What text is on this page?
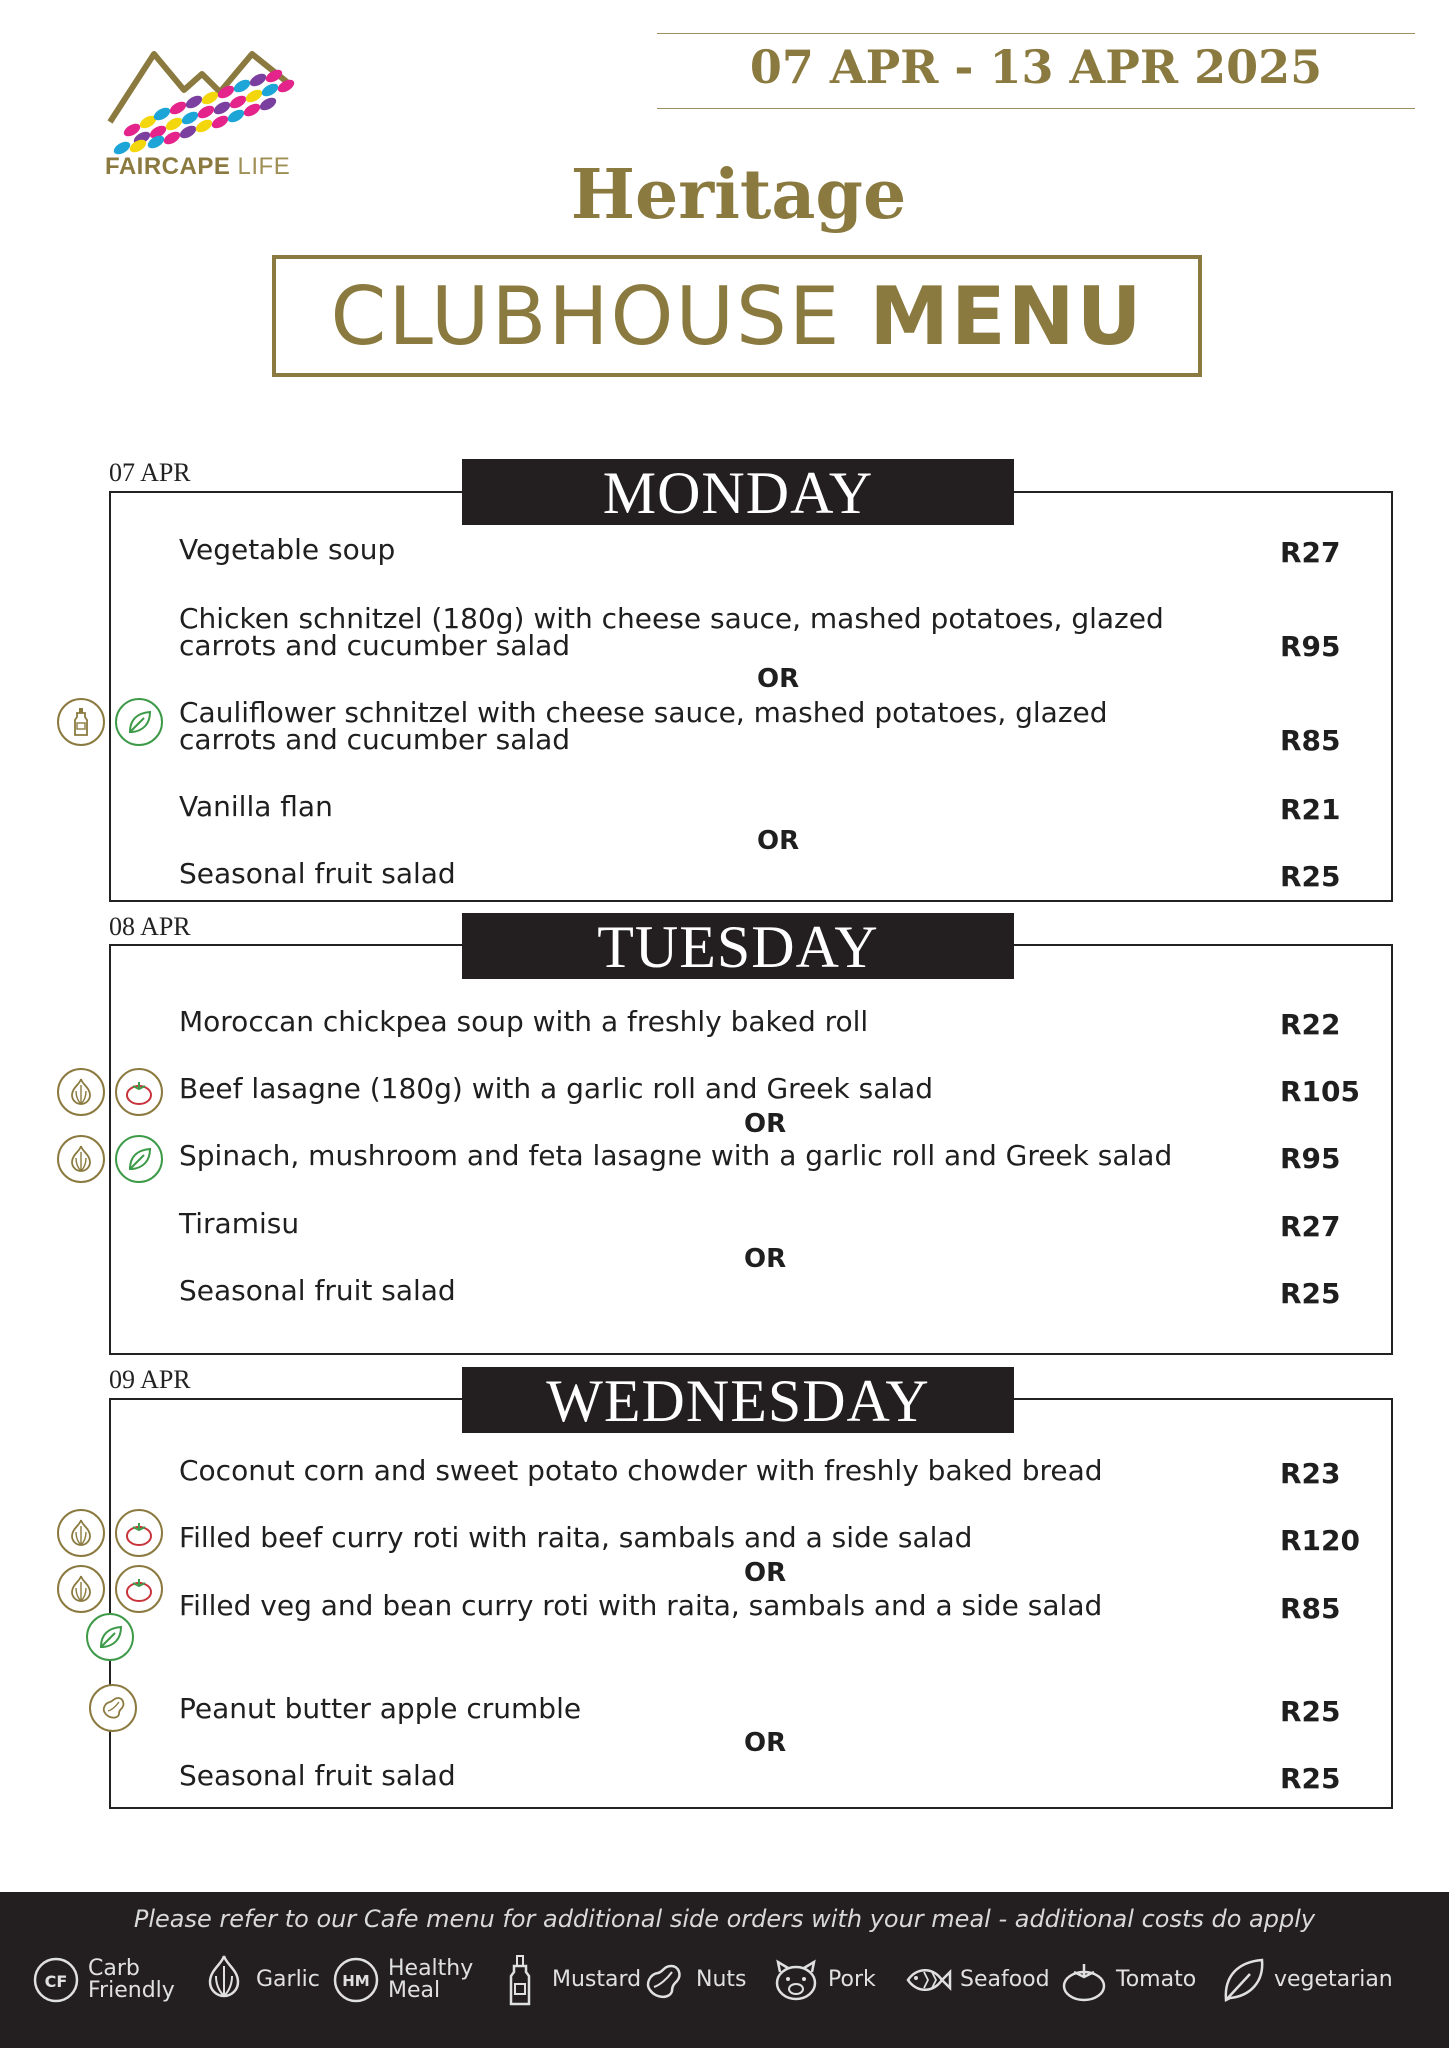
FAIRCAPE LIFE
07 APR - 13 APR 2025
Heritage
CLUBHOUSE MENU
07 APR	MONDAY
Vegetable soup	R27
Chicken schnitzel (180g) with cheese sauce, mashed potatoes, glazed
carrots and cucumber salad	R95
OR
Cauliflower schnitzel with cheese sauce, mashed potatoes, glazed
carrots and cucumber salad	R85
Vanilla flan	R21
OR
Seasonal fruit salad	R25
08 APR	TUESDAY
Moroccan chickpea soup with a freshly baked roll	R22
Beef lasagne (180g) with a garlic roll and Greek salad	R105
OR
Spinach, mushroom and feta lasagne with a garlic roll and Greek salad	R95
Tiramisu	R27
OR
Seasonal fruit salad	R25
09 APR	WEDNESDAY
Coconut corn and sweet potato chowder with freshly baked bread	R23
Filled beef curry roti with raita, sambals and a side salad	R120
OR
Filled veg and bean curry roti with raita, sambals and a side salad	R85
Peanut butter apple crumble	R25
OR
Seasonal fruit salad	R25
Please refer to our Cafe menu for additional side orders with your meal - additional costs do apply
CF
Carb
Friendly	Garlic HM Healthy
Meal	Mustard Nuts	Pork	Seafood	Tomato	vegetarian
